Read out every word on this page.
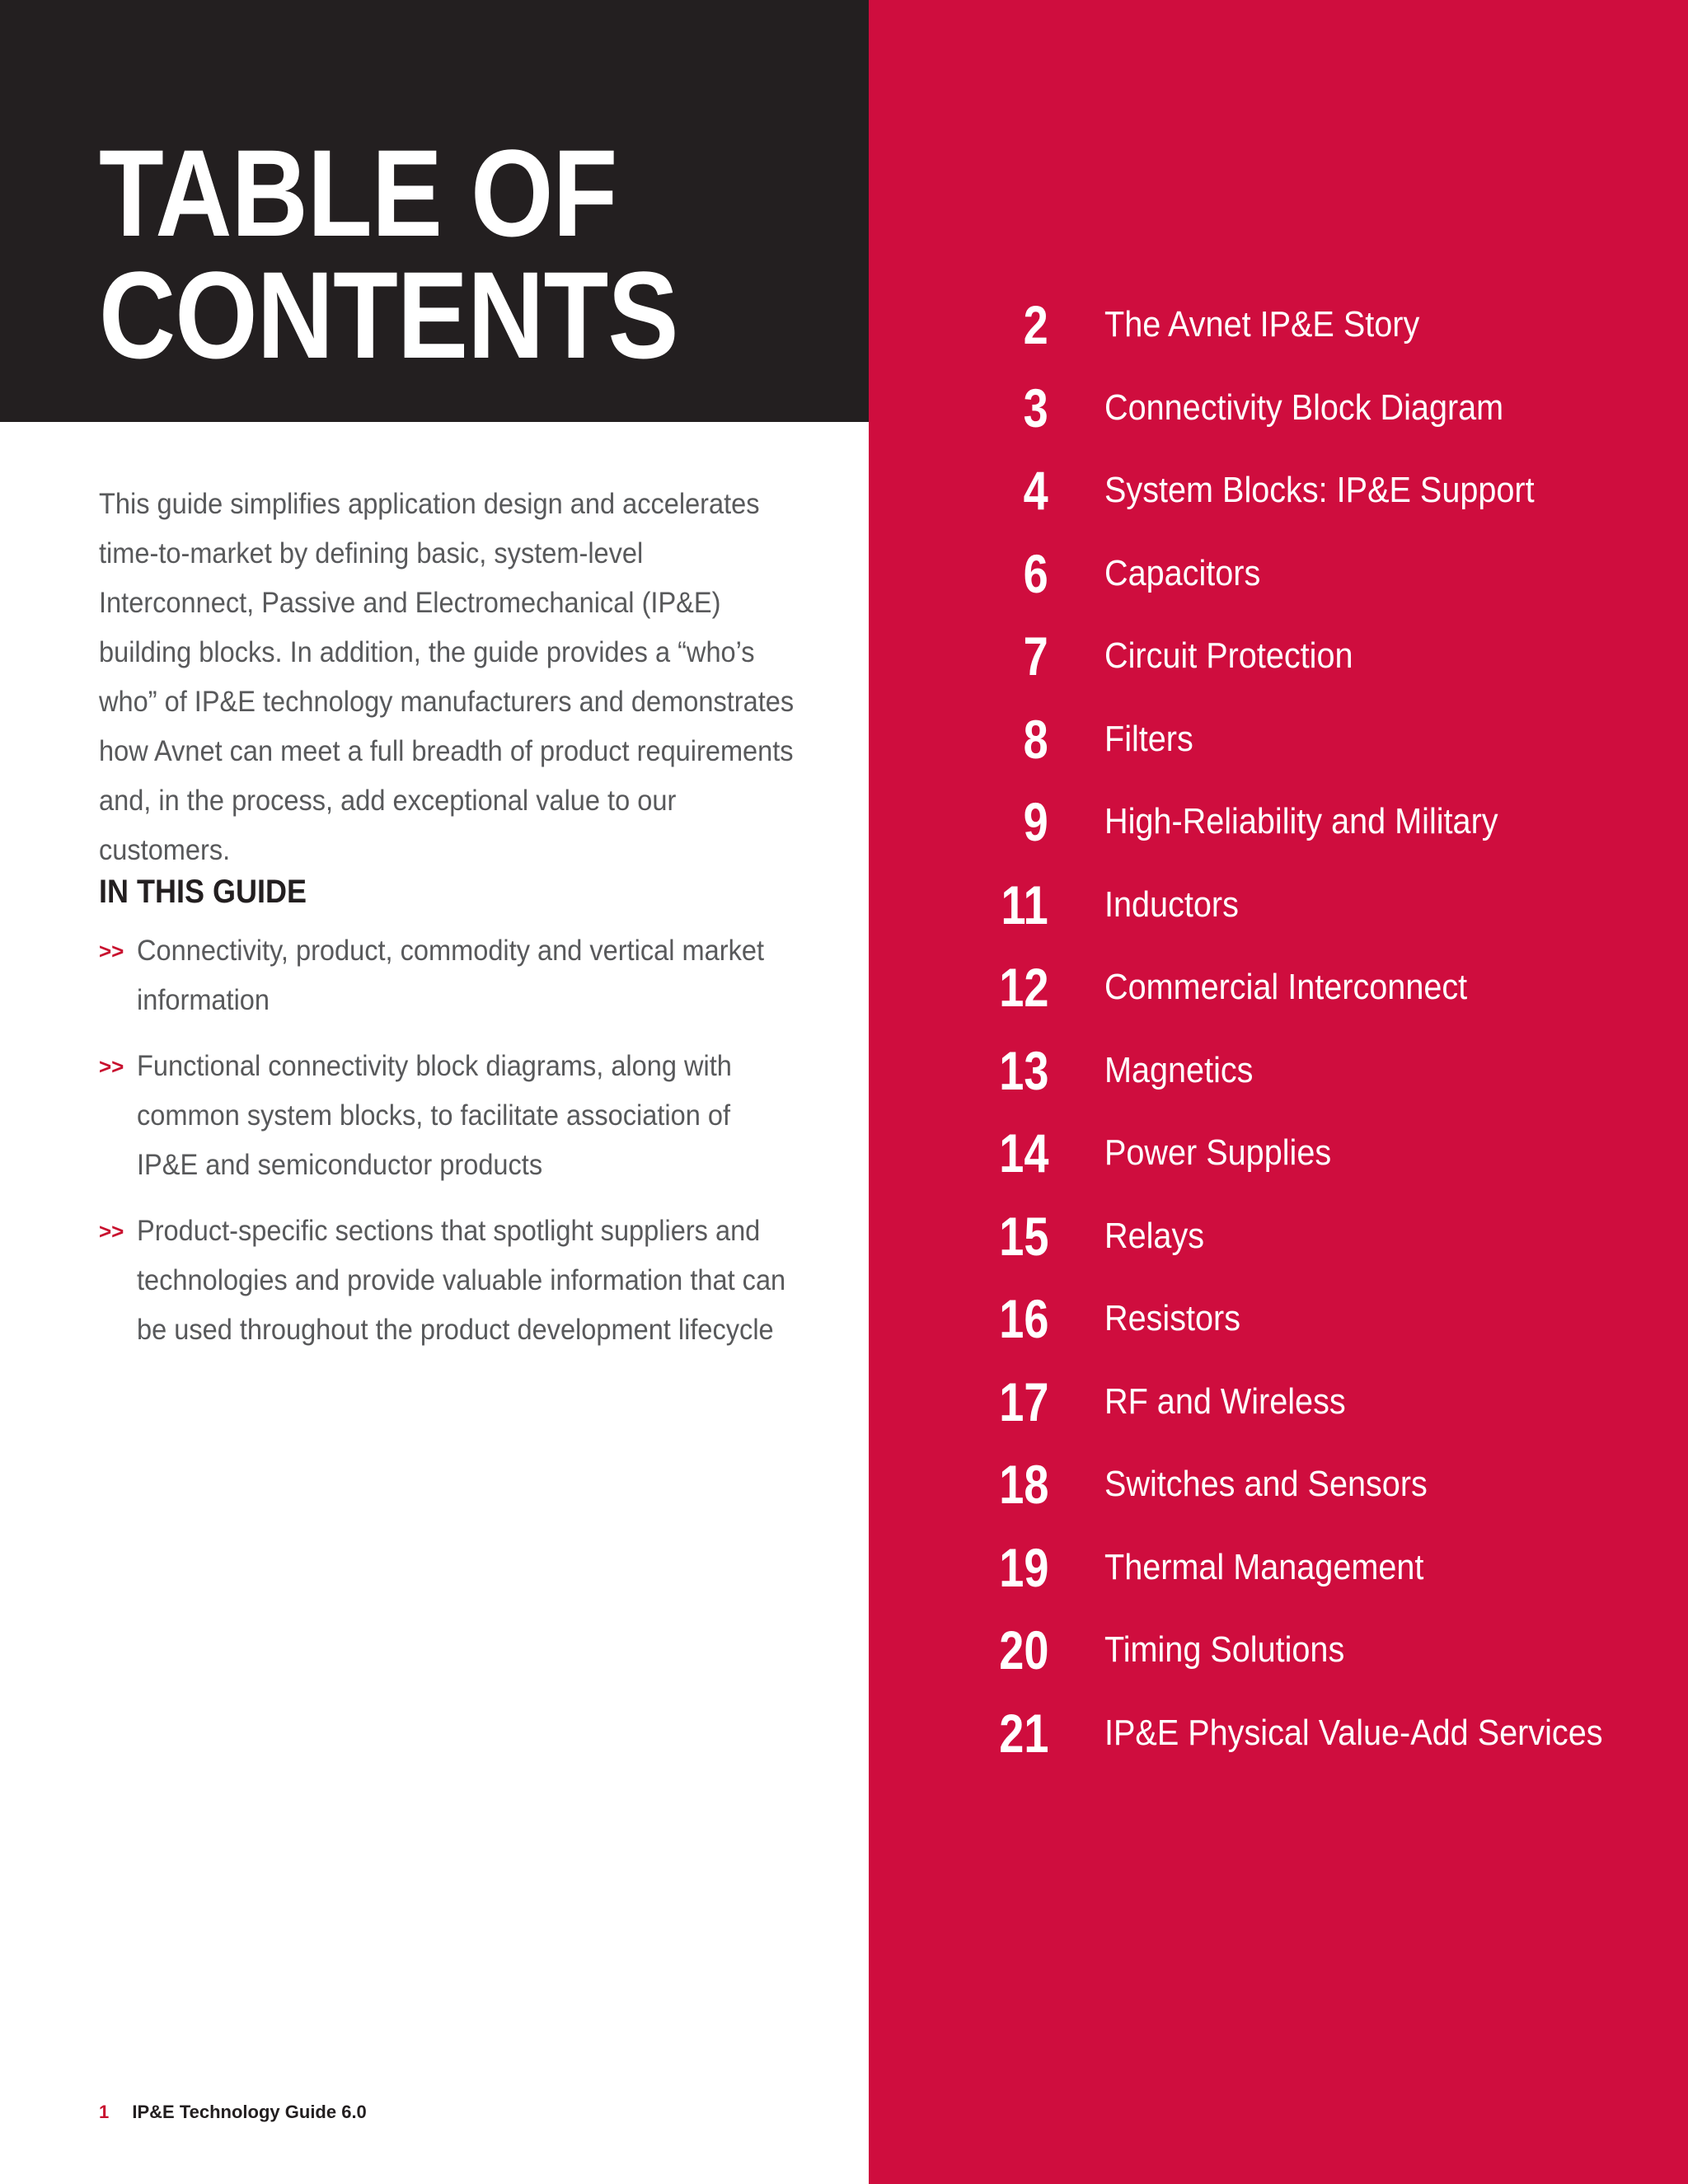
TABLE OF
CONTENTS

This guide simplifies application design and accelerates time-to-market by defining basic, system-level Interconnect, Passive and Electromechanical (IP&E) building blocks. In addition, the guide provides a “who’s who” of IP&E technology manufacturers and demonstrates how Avnet can meet a full breadth of product requirements and, in the process, add exceptional value to our customers.

IN THIS GUIDE
>> Connectivity, product, commodity and vertical market information
>> Functional connectivity block diagrams, along with common system blocks, to facilitate association of IP&E and semiconductor products
>> Product-specific sections that spotlight suppliers and technologies and provide valuable information that can be used throughout the product development lifecycle

1 IP&E Technology Guide 6.0

2 The Avnet IP&E Story
3 Connectivity Block Diagram
4 System Blocks: IP&E Support
6 Capacitors
7 Circuit Protection
8 Filters
9 High-Reliability and Military
11 Inductors
12 Commercial Interconnect
13 Magnetics
14 Power Supplies
15 Relays
16 Resistors
17 RF and Wireless
18 Switches and Sensors
19 Thermal Management
20 Timing Solutions
21 IP&E Physical Value-Add Services
